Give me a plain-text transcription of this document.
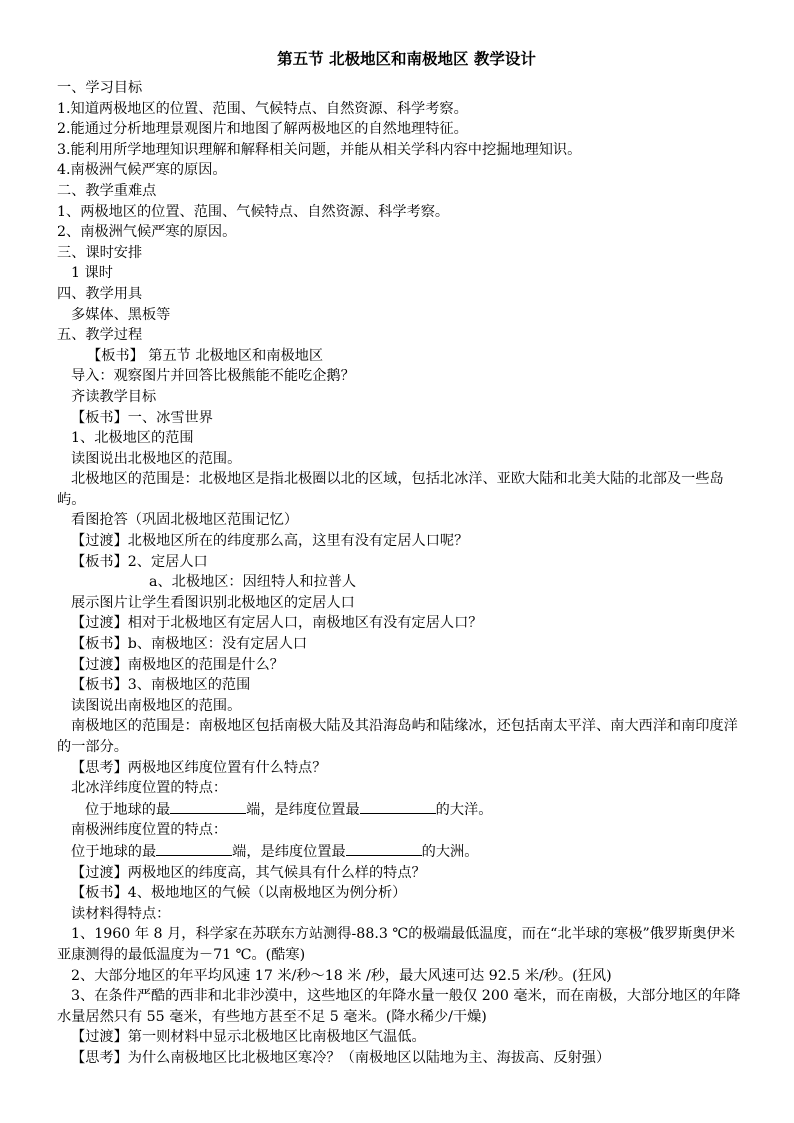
第五节 北极地区和南极地区 教学设计
一、学习目标
1.知道两极地区的位置、范围、气候特点、自然资源、科学考察。
2.能通过分析地理景观图片和地图了解两极地区的自然地理特征。
3.能利用所学地理知识理解和解释相关问题，并能从相关学科内容中挖掘地理知识。
4.南极洲气候严寒的原因。
二、教学重难点
1、两极地区的位置、范围、气候特点、自然资源、科学考察。
2、南极洲气候严寒的原因。
三、课时安排
1 课时
四、教学用具
多媒体、黑板等
五、教学过程
【板书】 第五节 北极地区和南极地区
导入：观察图片并回答比极熊能不能吃企鹅？
齐读教学目标
【板书】一、冰雪世界
1、北极地区的范围
读图说出北极地区的范围。
北极地区的范围是：北极地区是指北极圈以北的区域，包括北冰洋、亚欧大陆和北美大陆的北部及一些岛屿。
看图抢答（巩固北极地区范围记忆）
【过渡】北极地区所在的纬度那么高，这里有没有定居人口呢？
【板书】2、定居人口
a、北极地区：因纽特人和拉普人
展示图片让学生看图识别北极地区的定居人口
【过渡】相对于北极地区有定居人口，南极地区有没有定居人口？
【板书】b、南极地区：没有定居人口
【过渡】南极地区的范围是什么？
【板书】3、南极地区的范围
读图说出南极地区的范围。
南极地区的范围是：南极地区包括南极大陆及其沿海岛屿和陆缘冰，还包括南太平洋、南大西洋和南印度洋的一部分。
【思考】两极地区纬度位置有什么特点？
北冰洋纬度位置的特点：
位于地球的最	端，是纬度位置最	的大洋。
南极洲纬度位置的特点：
位于地球的最	端，是纬度位置最	的大洲。
【过渡】两极地区的纬度高，其气候具有什么样的特点？
【板书】4、极地地区的气候（以南极地区为例分析）
读材料得特点：
1、1960 年 8 月，科学家在苏联东方站测得-88.3 ℃的极端最低温度，而在“北半球的寒极”俄罗斯奥伊米亚康测得的最低温度为－71 ℃。(酷寒)
2、大部分地区的年平均风速 17 米/秒～18 米 /秒，最大风速可达 92.5 米/秒。(狂风)
3、在条件严酷的西非和北非沙漠中，这些地区的年降水量一般仅 200 毫米，而在南极，大部分地区的年降水量居然只有 55 毫米，有些地方甚至不足 5 毫米。(降水稀少/干燥)
【过渡】第一则材料中显示北极地区比南极地区气温低。
【思考】为什么南极地区比北极地区寒冷？（南极地区以陆地为主、海拔高、反射强）
